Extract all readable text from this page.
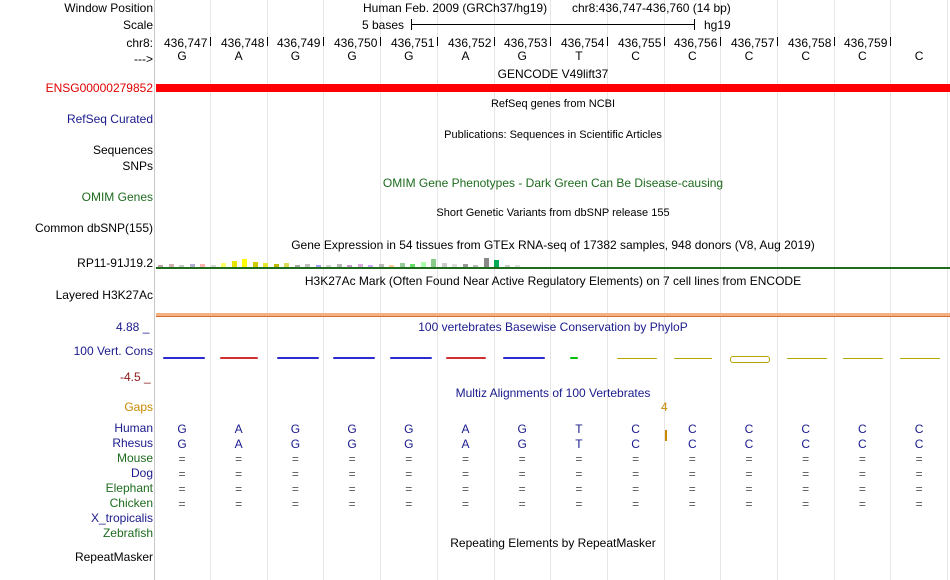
Window Position	Human Feb. 2009 (GRCh37/hg19) chr8:436,747-436,760 (14 bp)
Scale	5 bases	hg19
chr8: 436,747 436,748 436,749 436,750 436,751 436,752 436,753 436,754 436,755 436,756 436,757 436,758 436,759
--->	G	A	G	G	G	A	G	T	C	C	C	C	C	C
GENCODE V49lift37
ENSG00000279852
RefSeq genes from NCBI
RefSeq Curated
Publications: Sequences in Scientific Articles
Sequences
SNPs
OMIM Gene Phenotypes - Dark Green Can Be Disease-causing
OMIM Genes
Short Genetic Variants from dbSNP release 155
Common dbSNP(155)
Gene Expression in 54 tissues from GTEx RNA-seq of 17382 samples, 948 donors (V8, Aug 2019)
RP11-91J19.2
H3K27Ac Mark (Often Found Near Active Regulatory Elements) on 7 cell lines from ENCODE
Layered H3K27Ac
4.88 _	100 vertebrates Basewise Conservation by PhyloP
100 Vert. Cons
-4.5 _
Multiz Alignments of 100 Vertebrates
Gaps	4
Human	G	A	G	G	G	A	G	T	C	C	C	C	C	C
Rhesus	G	A	G	G	G	A	G	T	C	C	C	C	C	C
Mouse	=	=	=	=	=	=	=	=	=	=	=	=	=	=
Dog	=	=	=	=	=	=	=	=	=	=	=	=	=	=
Elephant	=	=	=	=	=	=	=	=	=	=	=	=	=	=
Chicken	=	=	=	=	=	=	=	=	=	=	=	=	=	=
X_tropicalis
Zebrafish
Repeating Elements by RepeatMasker
RepeatMasker
